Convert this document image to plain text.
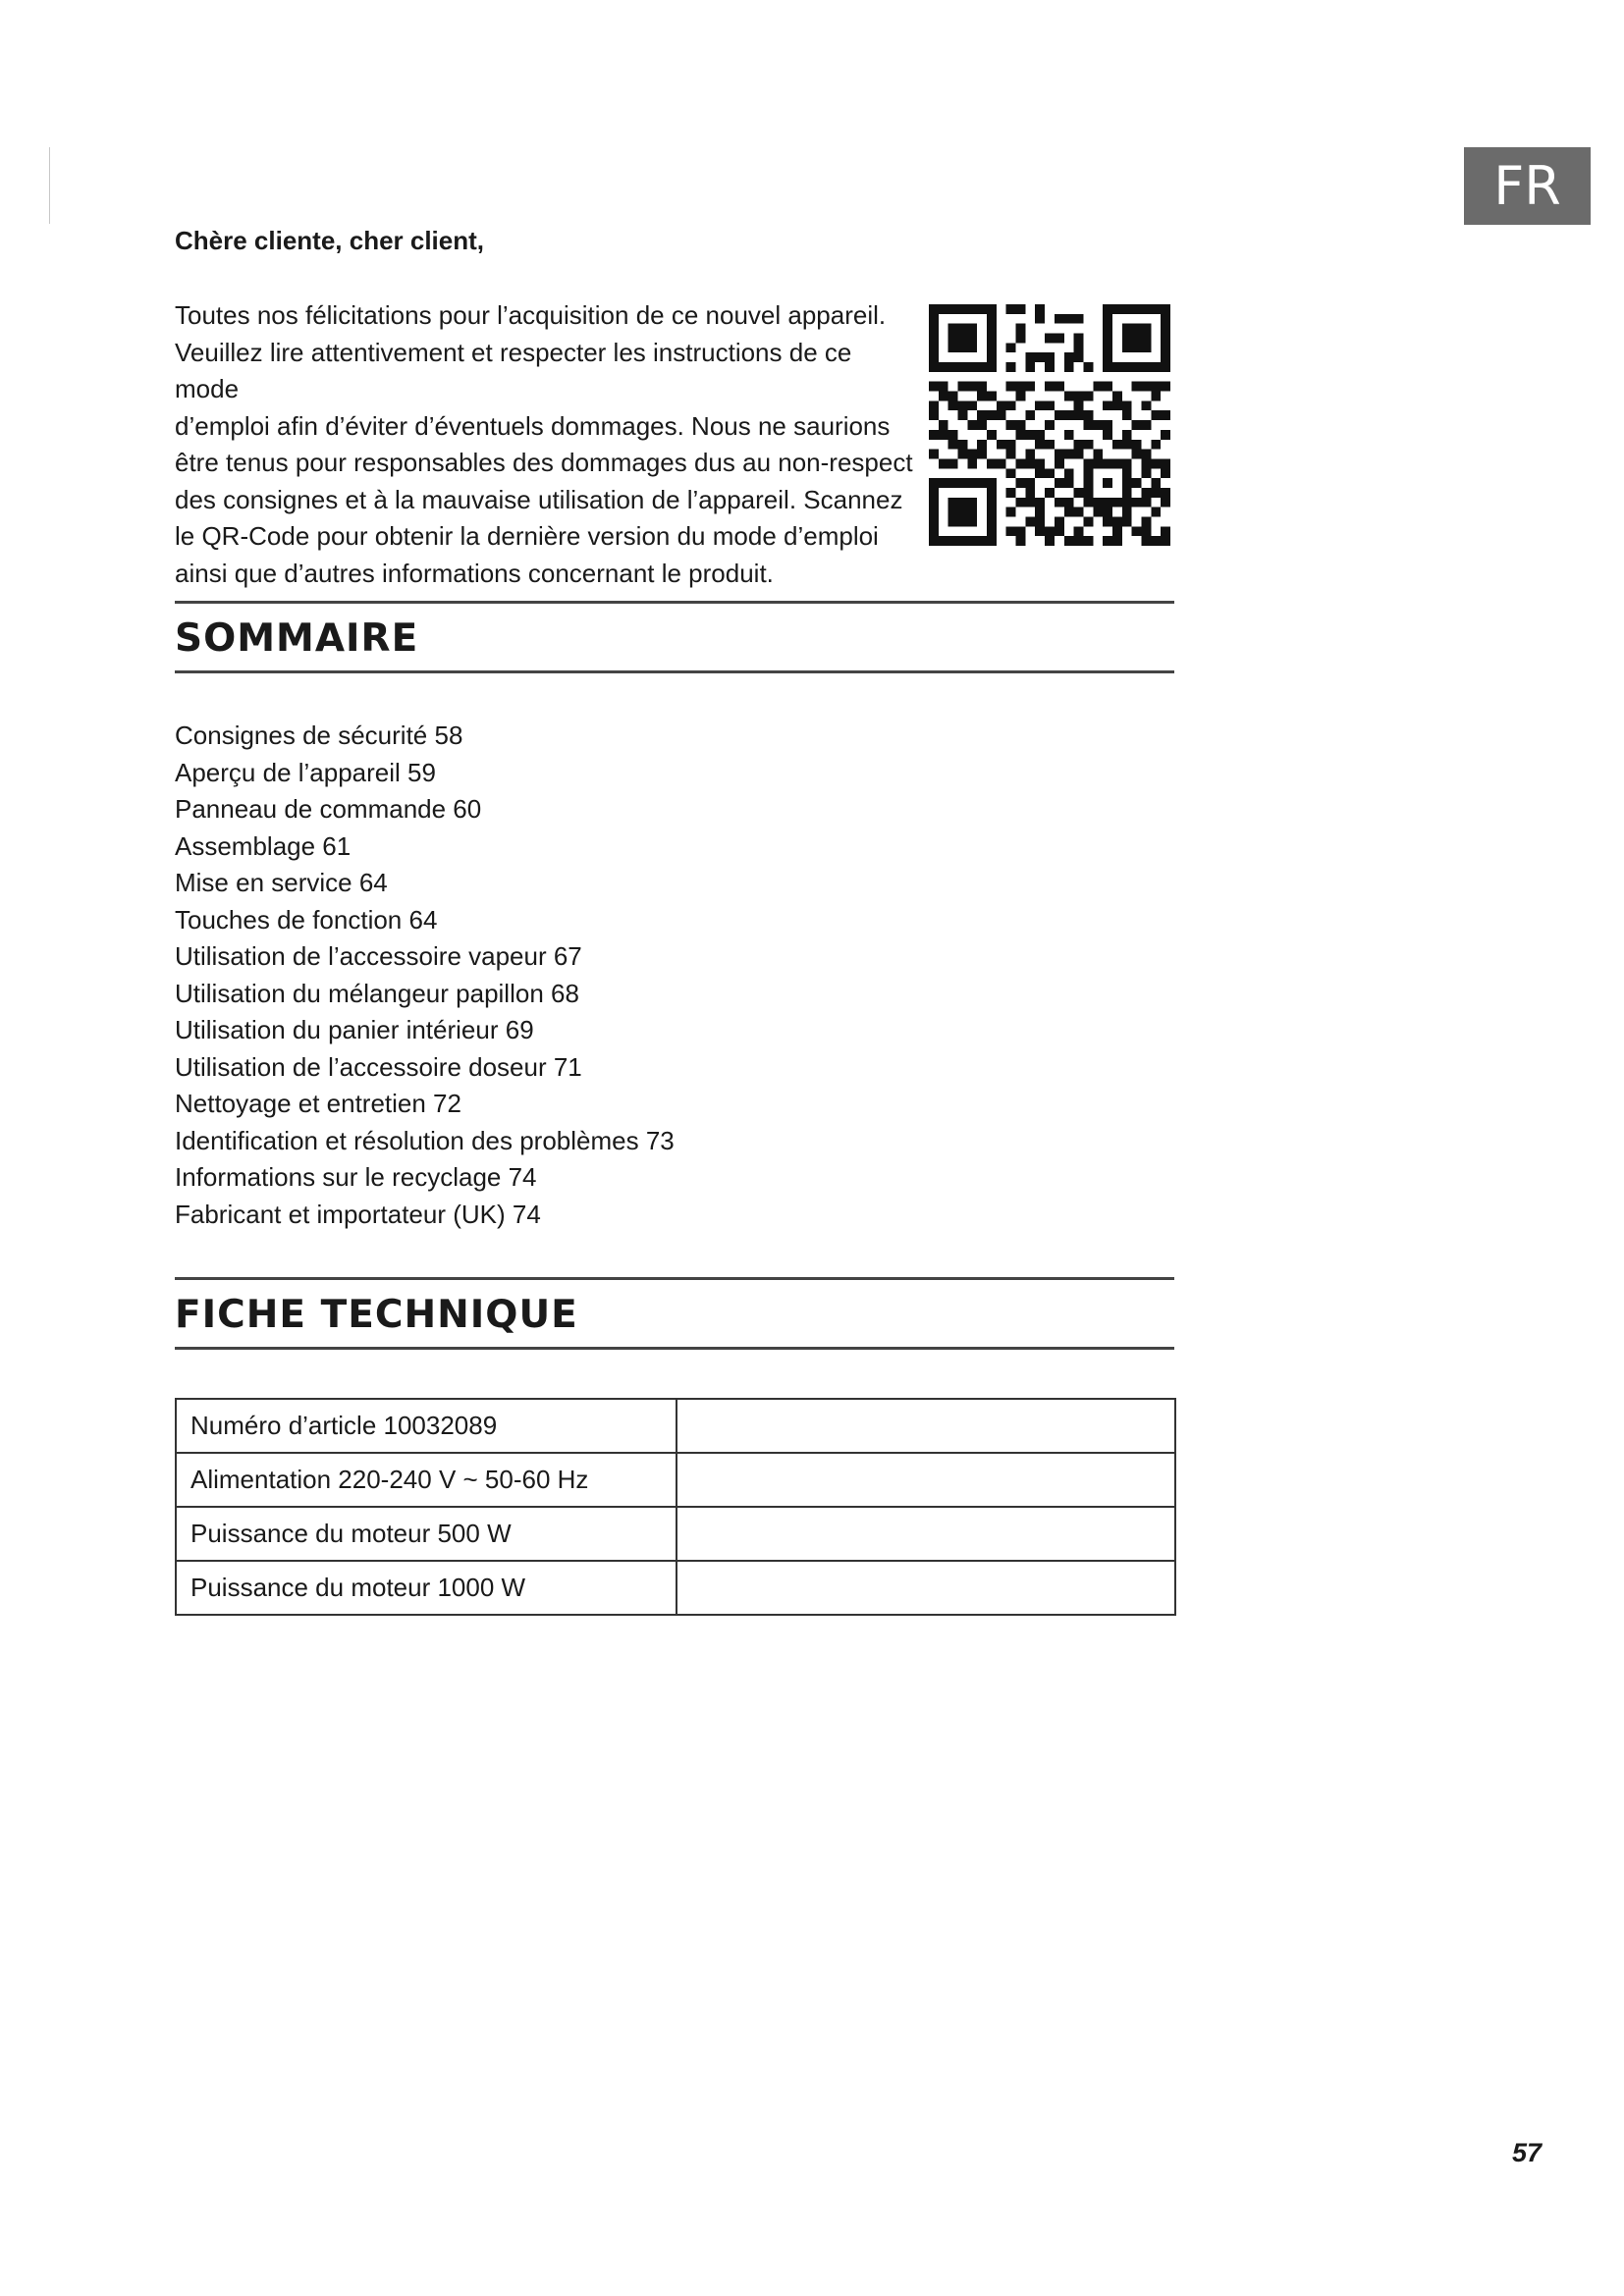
FR

Chère cliente, cher client,

Toutes nos félicitations pour l’acquisition de ce nouvel appareil.
Veuillez lire attentivement et respecter les instructions de ce mode
d’emploi afin d’éviter d’éventuels dommages. Nous ne saurions
être tenus pour responsables des dommages dus au non-respect
des consignes et à la mauvaise utilisation de l’appareil. Scannez
le QR-Code pour obtenir la dernière version du mode d’emploi
ainsi que d’autres informations concernant le produit.

SOMMAIRE
Consignes de sécurité 58
Aperçu de l’appareil 59
Panneau de commande 60
Assemblage 61
Mise en service 64
Touches de fonction 64
Utilisation de l’accessoire vapeur 67
Utilisation du mélangeur papillon 68
Utilisation du panier intérieur 69
Utilisation de l’accessoire doseur 71
Nettoyage et entretien 72
Identification et résolution des problèmes 73
Informations sur le recyclage 74
Fabricant et importateur (UK) 74
FICHE TECHNIQUE
Numéro d’article 10032089	
Alimentation 220-240 V ~ 50-60 Hz	
Puissance du moteur 500 W	
Puissance du moteur 1000 W	
57
